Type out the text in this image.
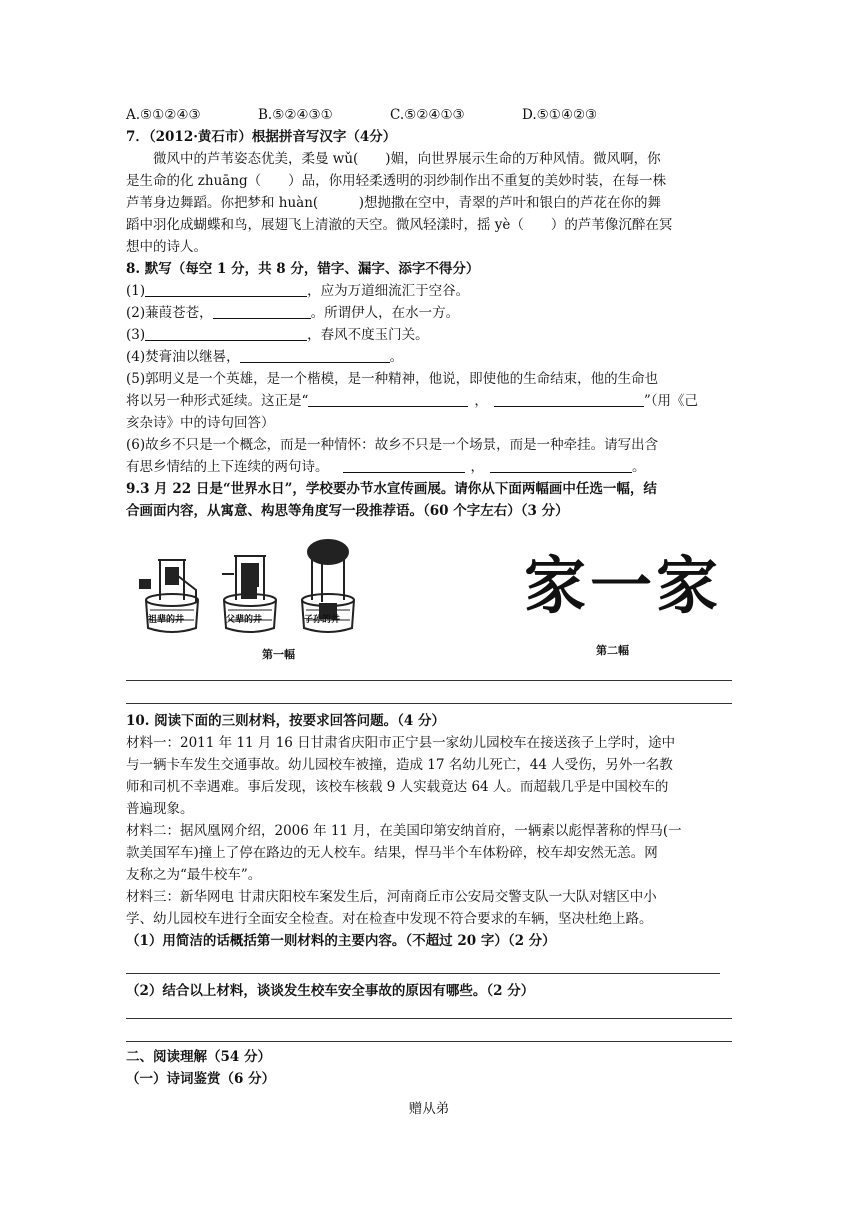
A.⑤①②④③	B.⑤②④③①	C.⑤②④①③	D.⑤①④②③
7．（2012·黄石市）根据拼音写汉字（4分）
微风中的芦苇姿态优美，柔曼 wǔ(　　)媚，向世界展示生命的万种风情。微风啊，你
是生命的化 zhuāng（　　）品，你用轻柔透明的羽纱制作出不重复的美妙时装，在每一株
芦苇身边舞蹈。你把梦和 huàn(　　　)想抛撒在空中，青翠的芦叶和银白的芦花在你的舞
蹈中羽化成蝴蝶和鸟，展翅飞上清澈的天空。微风轻漾时，摇 yè（　　）的芦苇像沉醉在冥
想中的诗人。
8. 默写（每空 1 分，共 8 分，错字、漏字、添字不得分）
(1)	，应为万道细流汇于空谷。
(2)蒹葭苍苍，	。所谓伊人，在水一方。
(3)	，春风不度玉门关。
(4)焚膏油以继晷，	。
(5)郭明义是一个英雄，是一个楷模，是一种精神，他说，即使他的生命结束，他的生命也
将以另一种形式延续。这正是“	，	”（用《己
亥杂诗》中的诗句回答）
(6)故乡不只是一个概念，而是一种情怀：故乡不只是一个场景，而是一种牵挂。请写出含
有思乡情结的上下连续的两句诗。	，	。
9.3 月 22 日是“世界水日”，学校要办节水宣传画展。请你从下面两幅画中任选一幅，结
合画面内容，从寓意、构思等角度写一段推荐语。（60 个字左右）（3 分）
祖辈的井	父辈的井	子孙的井
第一幅
家一家
第二幅
10. 阅读下面的三则材料，按要求回答问题。（4 分）
材料一：2011 年 11 月 16 日甘肃省庆阳市正宁县一家幼儿园校车在接送孩子上学时，途中
与一辆卡车发生交通事故。幼儿园校车被撞，造成 17 名幼儿死亡，44 人受伤，另外一名教
师和司机不幸遇难。事后发现，该校车核载 9 人实载竟达 64 人。而超载几乎是中国校车的
普遍现象。
材料二：据风凰网介绍，2006 年 11 月，在美国印第安纳首府，一辆素以彪悍著称的悍马(一
款美国军车)撞上了停在路边的无人校车。结果，悍马半个车体粉碎，校车却安然无恙。网
友称之为“最牛校车”。
材料三：新华网电 甘肃庆阳校车案发生后，河南商丘市公安局交警支队一大队对辖区中小
学、幼儿园校车进行全面安全检查。对在检查中发现不符合要求的车辆，坚决杜绝上路。
（1）用简洁的话概括第一则材料的主要内容。（不超过 20 字）（2 分）
（2）结合以上材料，谈谈发生校车安全事故的原因有哪些。（2 分）
二、阅读理解（54 分）
（一）诗词鉴赏（6 分）
赠从弟
